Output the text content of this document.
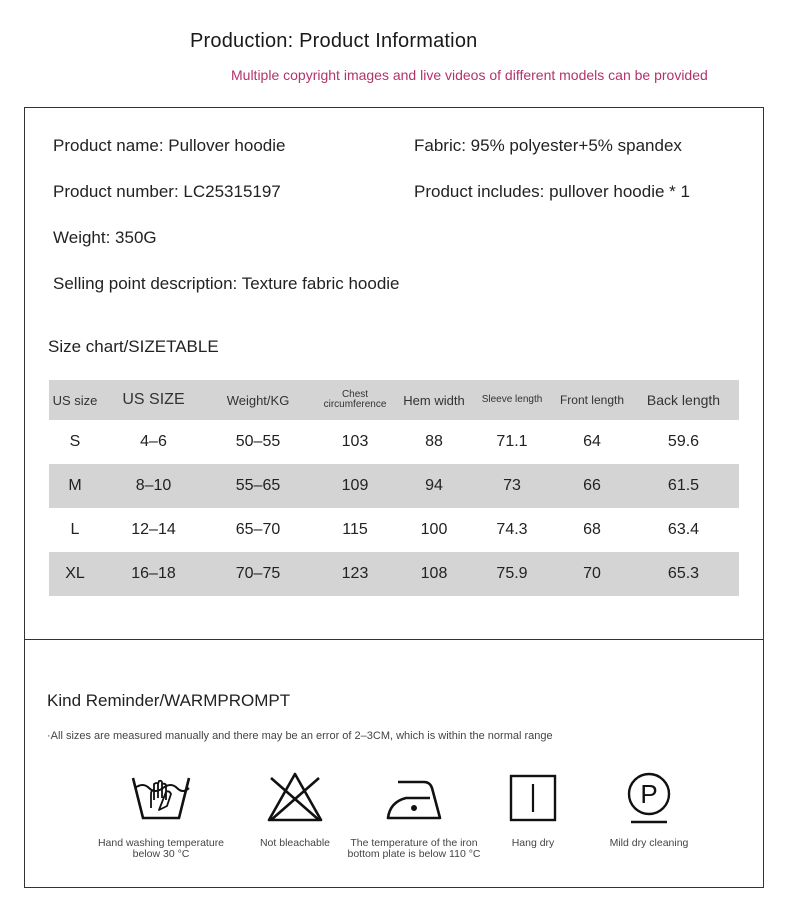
Production: Product Information
Multiple copyright images and live videos of different models can be provided
Product name: Pullover hoodie	Fabric: 95% polyester+5% spandex
Product number: LC25315197	Product includes: pullover hoodie * 1
Weight: 350G
Selling point description: Texture fabric hoodie
Size chart/SIZETABLE
US size	US SIZE	Weight/KG	Chest circumference	Hem width	Sleeve length	Front length	Back length
S	4–6	50–55	103	88	71.1	64	59.6
M	8–10	55–65	109	94	73	66	61.5
L	12–14	65–70	115	100	74.3	68	63.4
XL	16–18	70–75	123	108	75.9	70	65.3
Kind Reminder/WARMPROMPT
·All sizes are measured manually and there may be an error of 2–3CM, which is within the normal range
Hand washing temperature below 30 °C
Not bleachable	The temperature of the iron bottom plate is below 110 °C
Hang dry
P
Mild dry cleaning
